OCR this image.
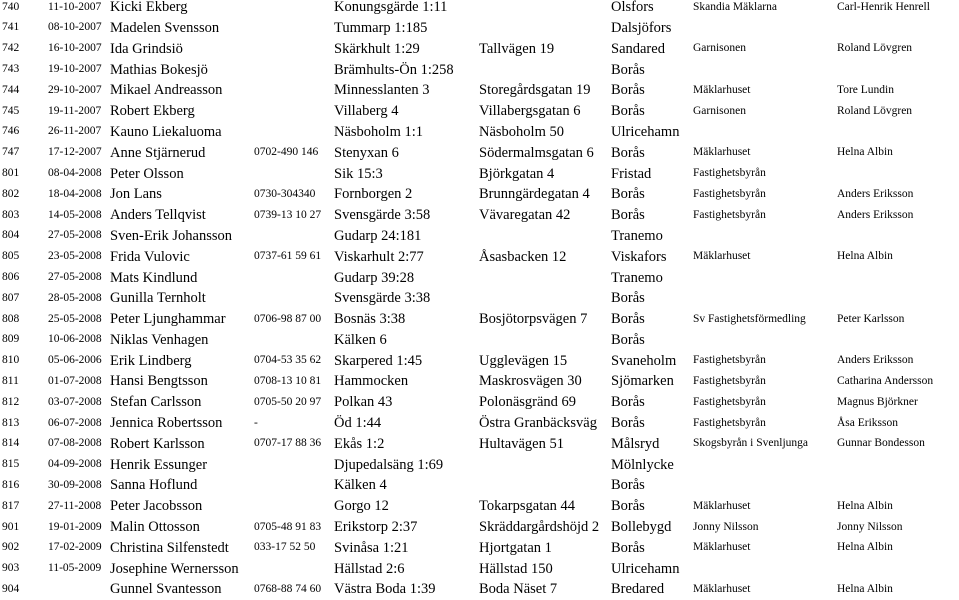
740	11-10-2007	Kicki Ekberg		Konungsgärde 1:11		Olsfors	Skandia Mäklarna	Carl-Henrik Henrell
741	08-10-2007	Madelen Svensson		Tummarp 1:185		Dalsjöfors		
742	16-10-2007	Ida Grindsiö		Skärkhult 1:29	Tallvägen 19	Sandared	Garnisonen	Roland Lövgren
743	19-10-2007	Mathias Bokesjö		Brämhults-Ön 1:258		Borås		
744	29-10-2007	Mikael Andreasson		Minnesslanten 3	Storegårdsgatan 19	Borås	Mäklarhuset	Tore Lundin
745	19-11-2007	Robert Ekberg		Villaberg 4	Villabergsgatan 6	Borås	Garnisonen	Roland Lövgren
746	26-11-2007	Kauno Liekaluoma		Näsboholm 1:1	Näsboholm 50	Ulricehamn		
747	17-12-2007	Anne Stjärnerud	0702-490 146	Stenyxan 6	Södermalmsgatan 6	Borås	Mäklarhuset	Helna Albin
801	08-04-2008	Peter Olsson		Sik 15:3	Björkgatan 4	Fristad	Fastighetsbyrån	
802	18-04-2008	Jon Lans	0730-304340	Fornborgen 2	Brunngärdegatan 4	Borås	Fastighetsbyrån	Anders Eriksson
803	14-05-2008	Anders Tellqvist	0739-13 10 27	Svensgärde 3:58	Vävaregatan 42	Borås	Fastighetsbyrån	Anders Eriksson
804	27-05-2008	Sven-Erik Johansson		Gudarp 24:181		Tranemo		
805	23-05-2008	Frida Vulovic	0737-61 59 61	Viskarhult 2:77	Åsasbacken 12	Viskafors	Mäklarhuset	Helna Albin
806	27-05-2008	Mats Kindlund		Gudarp 39:28		Tranemo		
807	28-05-2008	Gunilla Ternholt		Svensgärde 3:38		Borås		
808	25-05-2008	Peter Ljunghammar	0706-98 87 00	Bosnäs 3:38	Bosjötorpsvägen 7	Borås	Sv Fastighetsförmedling	Peter Karlsson
809	10-06-2008	Niklas Venhagen		Kälken 6		Borås		
810	05-06-2006	Erik Lindberg	0704-53 35 62	Skarpered 1:45	Ugglevägen 15	Svaneholm	Fastighetsbyrån	Anders Eriksson
811	01-07-2008	Hansi Bengtsson	0708-13 10 81	Hammocken	Maskrosvägen 30	Sjömarken	Fastighetsbyrån	Catharina Andersson
812	03-07-2008	Stefan Carlsson	0705-50 20 97	Polkan 43	Polonäsgränd 69	Borås	Fastighetsbyrån	Magnus Björkner
813	06-07-2008	Jennica Robertsson	-	Öd 1:44	Östra Granbäcksväg	Borås	Fastighetsbyrån	Åsa Eriksson
814	07-08-2008	Robert Karlsson	0707-17 88 36	Ekås 1:2	Hultavägen 51	Målsryd	Skogsbyrån i Svenljunga	Gunnar Bondesson
815	04-09-2008	Henrik Essunger		Djupedalsäng 1:69		Mölnlycke		
816	30-09-2008	Sanna Hoflund		Kälken 4		Borås		
817	27-11-2008	Peter Jacobsson		Gorgo 12	Tokarpsgatan 44	Borås	Mäklarhuset	Helna Albin
901	19-01-2009	Malin Ottosson	0705-48 91 83	Erikstorp 2:37	Skräddargårdshöjd 2	Bollebygd	Jonny Nilsson	Jonny Nilsson
902	17-02-2009	Christina Silfenstedt	033-17 52 50	Svinåsa 1:21	Hjortgatan 1	Borås	Mäklarhuset	Helna Albin
903	11-05-2009	Josephine Wernersson		Hällstad 2:6	Hällstad 150	Ulricehamn		
904		Gunnel Svantesson	0768-88 74 60	Västra Boda 1:39	Boda Näset 7	Bredared	Mäklarhuset	Helna Albin
